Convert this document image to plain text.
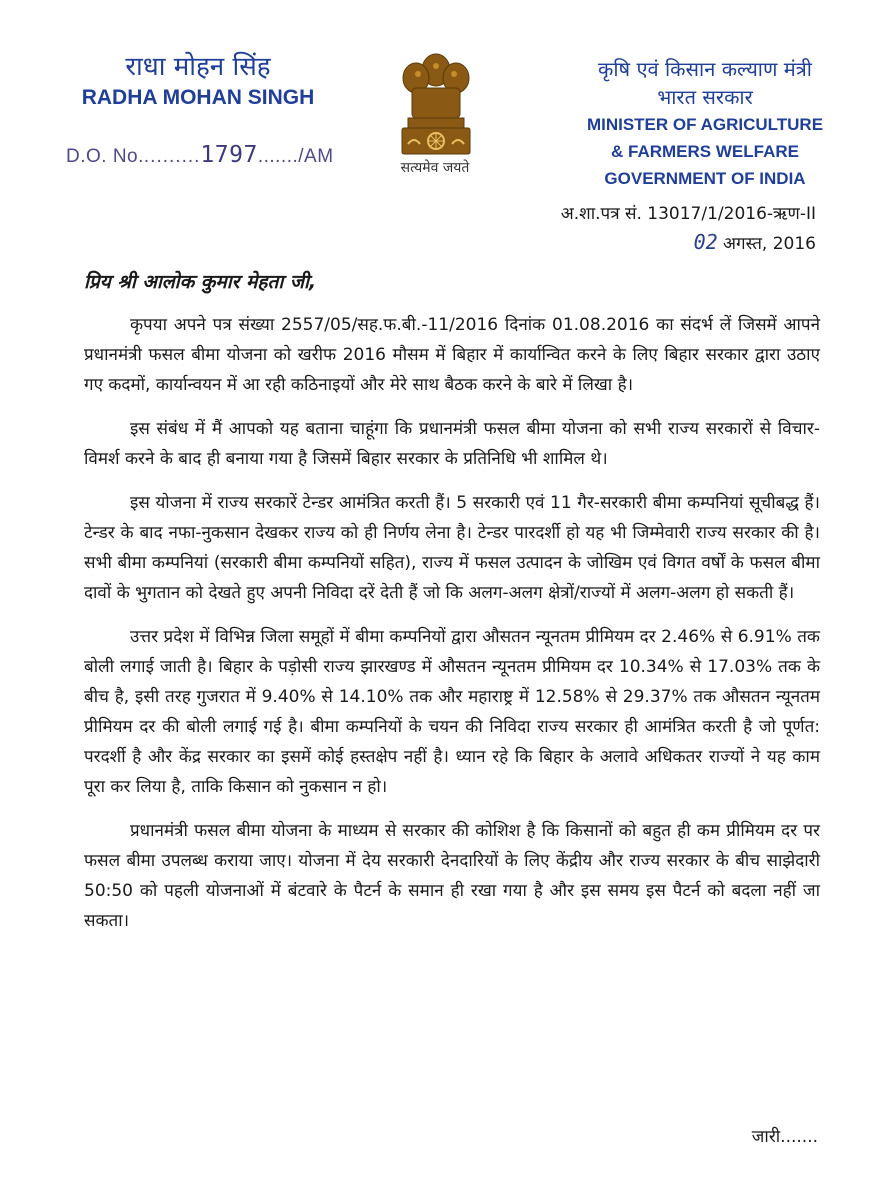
राधा मोहन सिंह
RADHA MOHAN SINGH
D.O. No..........1797......./AM
सत्यमेव जयते
कृषि एवं किसान कल्याण मंत्री
भारत सरकार
MINISTER OF AGRICULTURE
& FARMERS WELFARE
GOVERNMENT OF INDIA
अ.शा.पत्र सं. 13017/1/2016-ऋण-II
02 अगस्त, 2016
प्रिय श्री आलोक कुमार मेहता जी,

कृपया अपने पत्र संख्या 2557/05/सह.फ.बी.-11/2016 दिनांक 01.08.2016 का संदर्भ लें जिसमें आपने प्रधानमंत्री फसल बीमा योजना को खरीफ 2016 मौसम में बिहार में कार्यान्वित करने के लिए बिहार सरकार द्वारा उठाए गए कदमों, कार्यान्वयन में आ रही कठिनाइयों और मेरे साथ बैठक करने के बारे में लिखा है।

इस संबंध में मैं आपको यह बताना चाहूंगा कि प्रधानमंत्री फसल बीमा योजना को सभी राज्य सरकारों से विचार-विमर्श करने के बाद ही बनाया गया है जिसमें बिहार सरकार के प्रतिनिधि भी शामिल थे।

इस योजना में राज्य सरकारें टेन्डर आमंत्रित करती हैं। 5 सरकारी एवं 11 गैर-सरकारी बीमा कम्पनियां सूचीबद्ध हैं। टेन्डर के बाद नफा-नुकसान देखकर राज्य को ही निर्णय लेना है। टेन्डर पारदर्शी हो यह भी जिम्मेवारी राज्य सरकार की है। सभी बीमा कम्पनियां (सरकारी बीमा कम्पनियों सहित), राज्य में फसल उत्पादन के जोखिम एवं विगत वर्षों के फसल बीमा दावों के भुगतान को देखते हुए अपनी निविदा दरें देती हैं जो कि अलग-अलग क्षेत्रों/राज्यों में अलग-अलग हो सकती हैं।

उत्तर प्रदेश में विभिन्न जिला समूहों में बीमा कम्पनियों द्वारा औसतन न्यूनतम प्रीमियम दर 2.46% से 6.91% तक बोली लगाई जाती है। बिहार के पड़ोसी राज्य झारखण्ड में औसतन न्यूनतम प्रीमियम दर 10.34% से 17.03% तक के बीच है, इसी तरह गुजरात में 9.40% से 14.10% तक और महाराष्ट्र में 12.58% से 29.37% तक औसतन न्यूनतम प्रीमियम दर की बोली लगाई गई है। बीमा कम्पनियों के चयन की निविदा राज्य सरकार ही आमंत्रित करती है जो पूर्णत: परदर्शी है और केंद्र सरकार का इसमें कोई हस्तक्षेप नहीं है। ध्यान रहे कि बिहार के अलावे अधिकतर राज्यों ने यह काम पूरा कर लिया है, ताकि किसान को नुकसान न हो।

प्रधानमंत्री फसल बीमा योजना के माध्यम से सरकार की कोशिश है कि किसानों को बहुत ही कम प्रीमियम दर पर फसल बीमा उपलब्ध कराया जाए। योजना में देय सरकारी देनदारियों के लिए केंद्रीय और राज्य सरकार के बीच साझेदारी 50:50 को पहली योजनाओं में बंटवारे के पैटर्न के समान ही रखा गया है और इस समय इस पैटर्न को बदला नहीं जा सकता।

जारी.......
